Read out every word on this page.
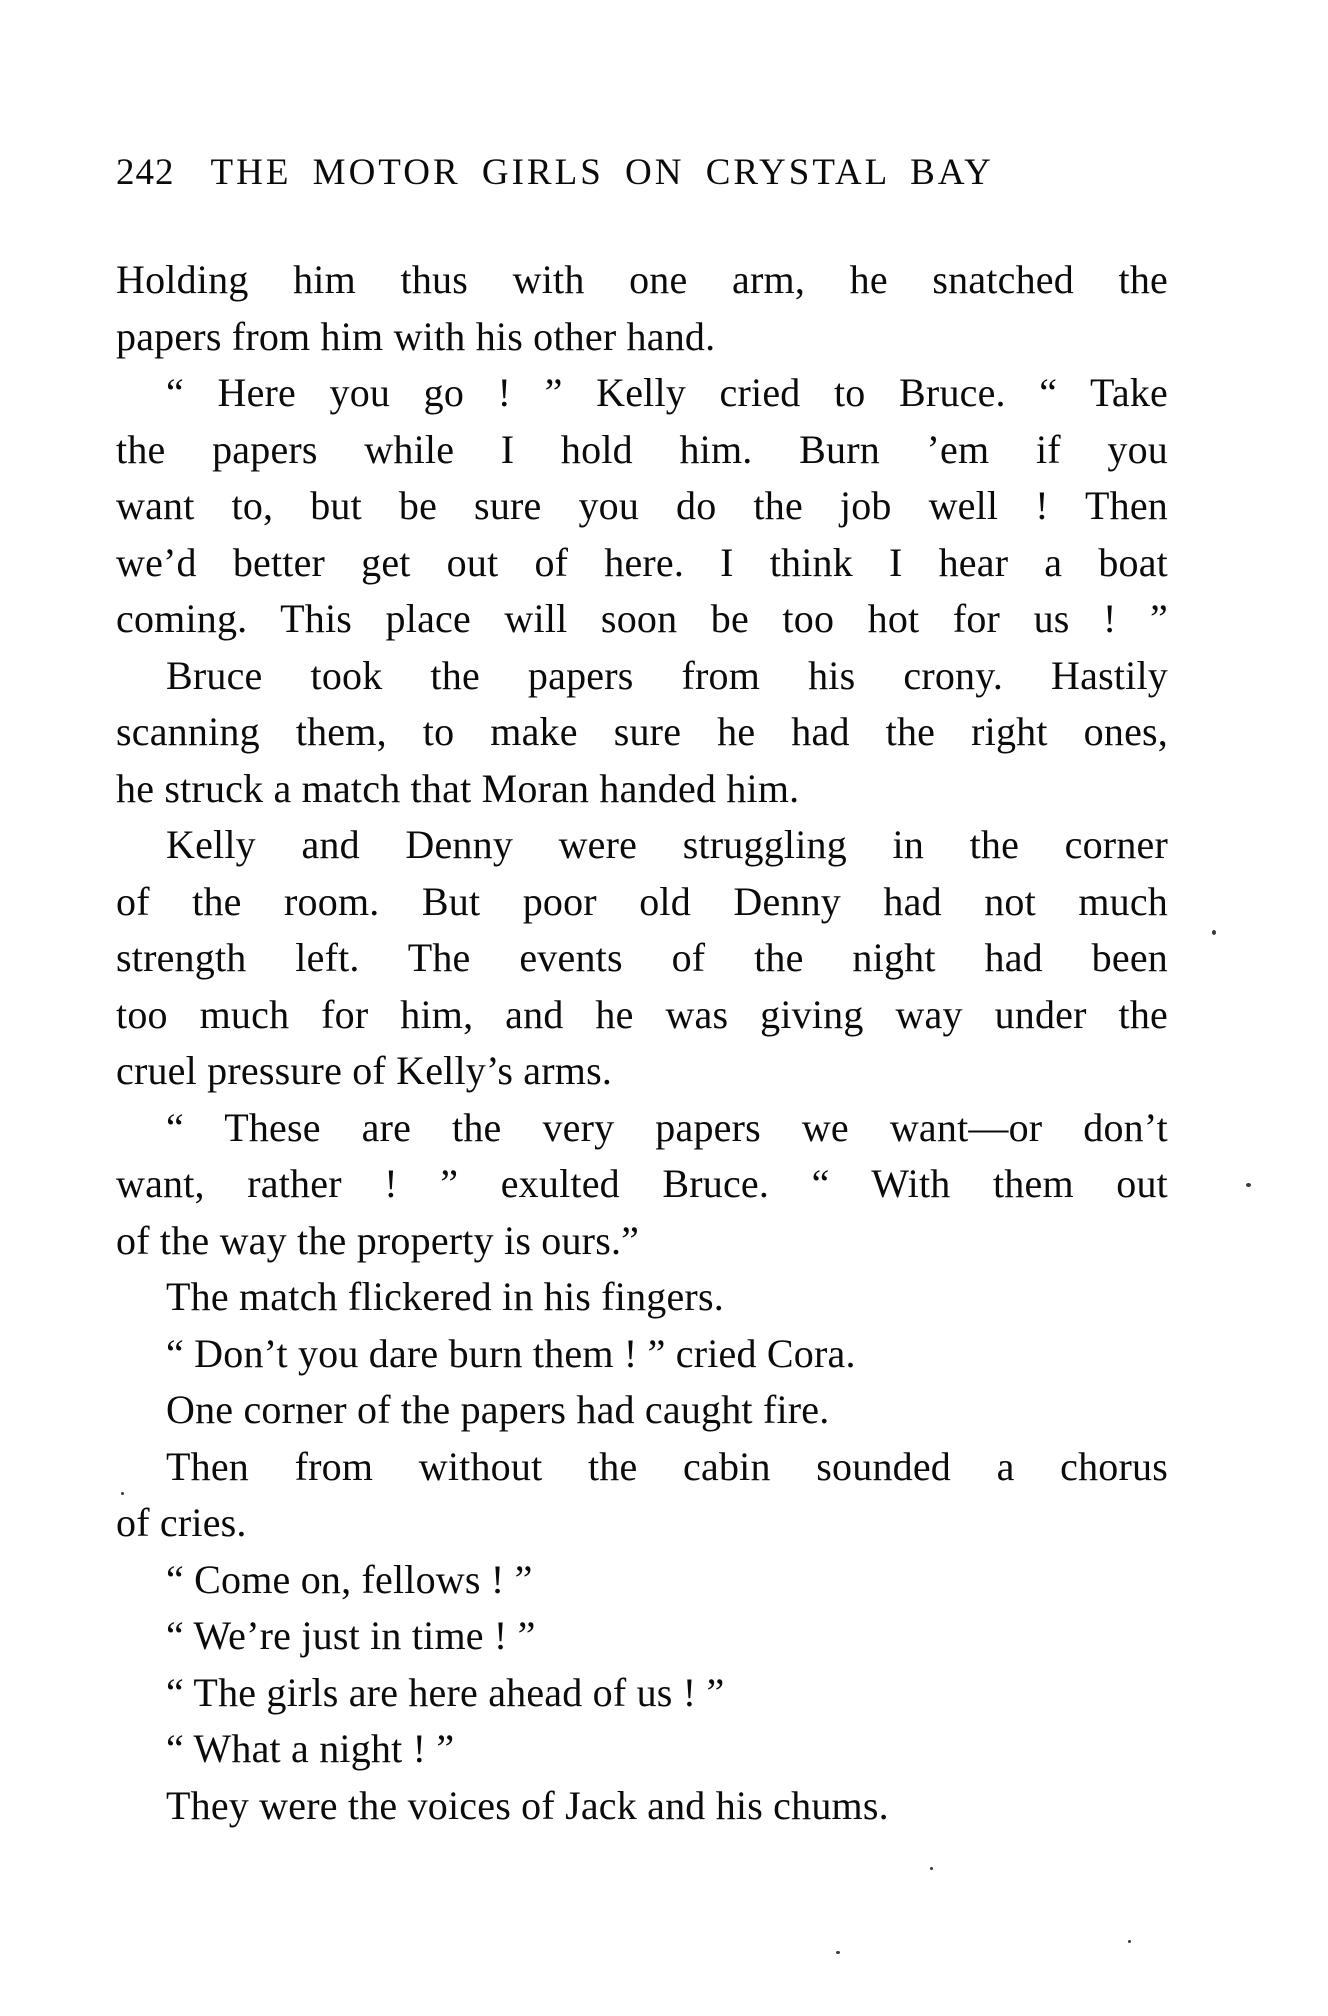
242 THE MOTOR GIRLS ON CRYSTAL BAY
Holding him thus with one arm, he snatched the
papers from him with his other hand.
“ Here you go ! ” Kelly cried to Bruce. “ Take
the papers while I hold him. Burn ’em if you
want to, but be sure you do the job well ! Then
we’d better get out of here. I think I hear a boat
coming. This place will soon be too hot for us ! ”
Bruce took the papers from his crony. Hastily
scanning them, to make sure he had the right ones,
he struck a match that Moran handed him.
Kelly and Denny were struggling in the corner
of the room. But poor old Denny had not much
strength left. The events of the night had been
too much for him, and he was giving way under the
cruel pressure of Kelly’s arms.
“ These are the very papers we want—or don’t
want, rather ! ” exulted Bruce. “ With them out
of the way the property is ours.”
The match flickered in his fingers.
“ Don’t you dare burn them ! ” cried Cora.
One corner of the papers had caught fire.
Then from without the cabin sounded a chorus
of cries.
“ Come on, fellows ! ”
“ We’re just in time ! ”
“ The girls are here ahead of us ! ”
“ What a night ! ”
They were the voices of Jack and his chums.
